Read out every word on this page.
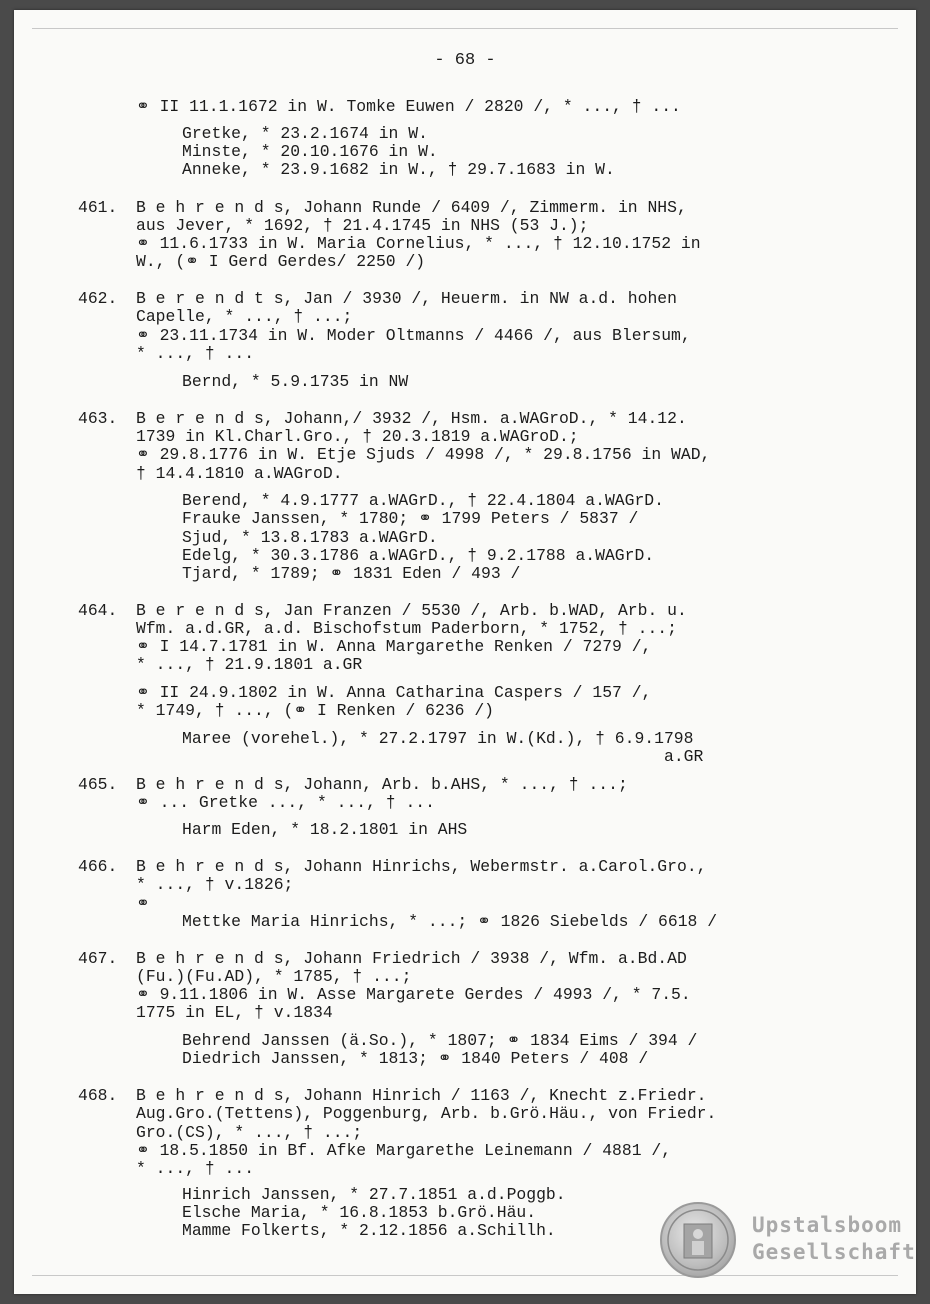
- 68 -
⚭ II 11.1.1672 in W. Tomke Euwen / 2820 /, * ..., † ...
Gretke, * 23.2.1674 in W.
Minste, * 20.10.1676 in W.
Anneke, * 23.9.1682 in W., † 29.7.1683 in W.
461. B e h r e n d s, Johann Runde / 6409 /, Zimmerm. in NHS,
aus Jever, * 1692, † 21.4.1745 in NHS (53 J.);
⚭ 11.6.1733 in W. Maria Cornelius, * ..., † 12.10.1752 in
W., (⚭ I Gerd Gerdes/ 2250 /)
462. B e r e n d t s, Jan / 3930 /, Heuerm. in NW a.d. hohen
Capelle, * ..., † ...;
⚭ 23.11.1734 in W. Moder Oltmanns / 4466 /, aus Blersum,
* ..., † ...
Bernd, * 5.9.1735 in NW
463. B e r e n d s, Johann,/ 3932 /, Hsm. a.WAGroD., * 14.12.
1739 in Kl.Charl.Gro., † 20.3.1819 a.WAGroD.;
⚭ 29.8.1776 in W. Etje Sjuds / 4998 /, * 29.8.1756 in WAD,
† 14.4.1810 a.WAGroD.
Berend, * 4.9.1777 a.WAGrD., † 22.4.1804 a.WAGrD.
Frauke Janssen, * 1780; ⚭ 1799 Peters / 5837 /
Sjud, * 13.8.1783 a.WAGrD.
Edelg, * 30.3.1786 a.WAGrD., † 9.2.1788 a.WAGrD.
Tjard, * 1789; ⚭ 1831 Eden / 493 /
464. B e r e n d s, Jan Franzen / 5530 /, Arb. b.WAD, Arb. u.
Wfm. a.d.GR, a.d. Bischofstum Paderborn, * 1752, † ...;
⚭ I 14.7.1781 in W. Anna Margarethe Renken / 7279 /,
* ..., † 21.9.1801 a.GR
⚭ II 24.9.1802 in W. Anna Catharina Caspers / 157 /,
* 1749, † ..., (⚭ I Renken / 6236 /)
Maree (vorehel.), * 27.2.1797 in W.(Kd.), † 6.9.1798
a.GR
465. B e h r e n d s, Johann, Arb. b.AHS, * ..., † ...;
⚭ ... Gretke ..., * ..., † ...
Harm Eden, * 18.2.1801 in AHS
466. B e h r e n d s, Johann Hinrichs, Webermstr. a.Carol.Gro.,
* ..., † v.1826;
⚭
Mettke Maria Hinrichs, * ...; ⚭ 1826 Siebelds / 6618 /
467. B e h r e n d s, Johann Friedrich / 3938 /, Wfm. a.Bd.AD
(Fu.)(Fu.AD), * 1785, † ...;
⚭ 9.11.1806 in W. Asse Margarete Gerdes / 4993 /, * 7.5.
1775 in EL, † v.1834
Behrend Janssen (ä.So.), * 1807; ⚭ 1834 Eims / 394 /
Diedrich Janssen, * 1813; ⚭ 1840 Peters / 408 /
468. B e h r e n d s, Johann Hinrich / 1163 /, Knecht z.Friedr.
Aug.Gro.(Tettens), Poggenburg, Arb. b.Grö.Häu., von Friedr.
Gro.(CS), * ..., † ...;
⚭ 18.5.1850 in Bf. Afke Margarethe Leinemann / 4881 /,
* ..., † ...
Hinrich Janssen, * 27.7.1851 a.d.Poggb.
Elsche Maria, * 16.8.1853 b.Grö.Häu.
Mamme Folkerts, * 2.12.1856 a.Schillh.	Upstalsboom
Gesellschaft
